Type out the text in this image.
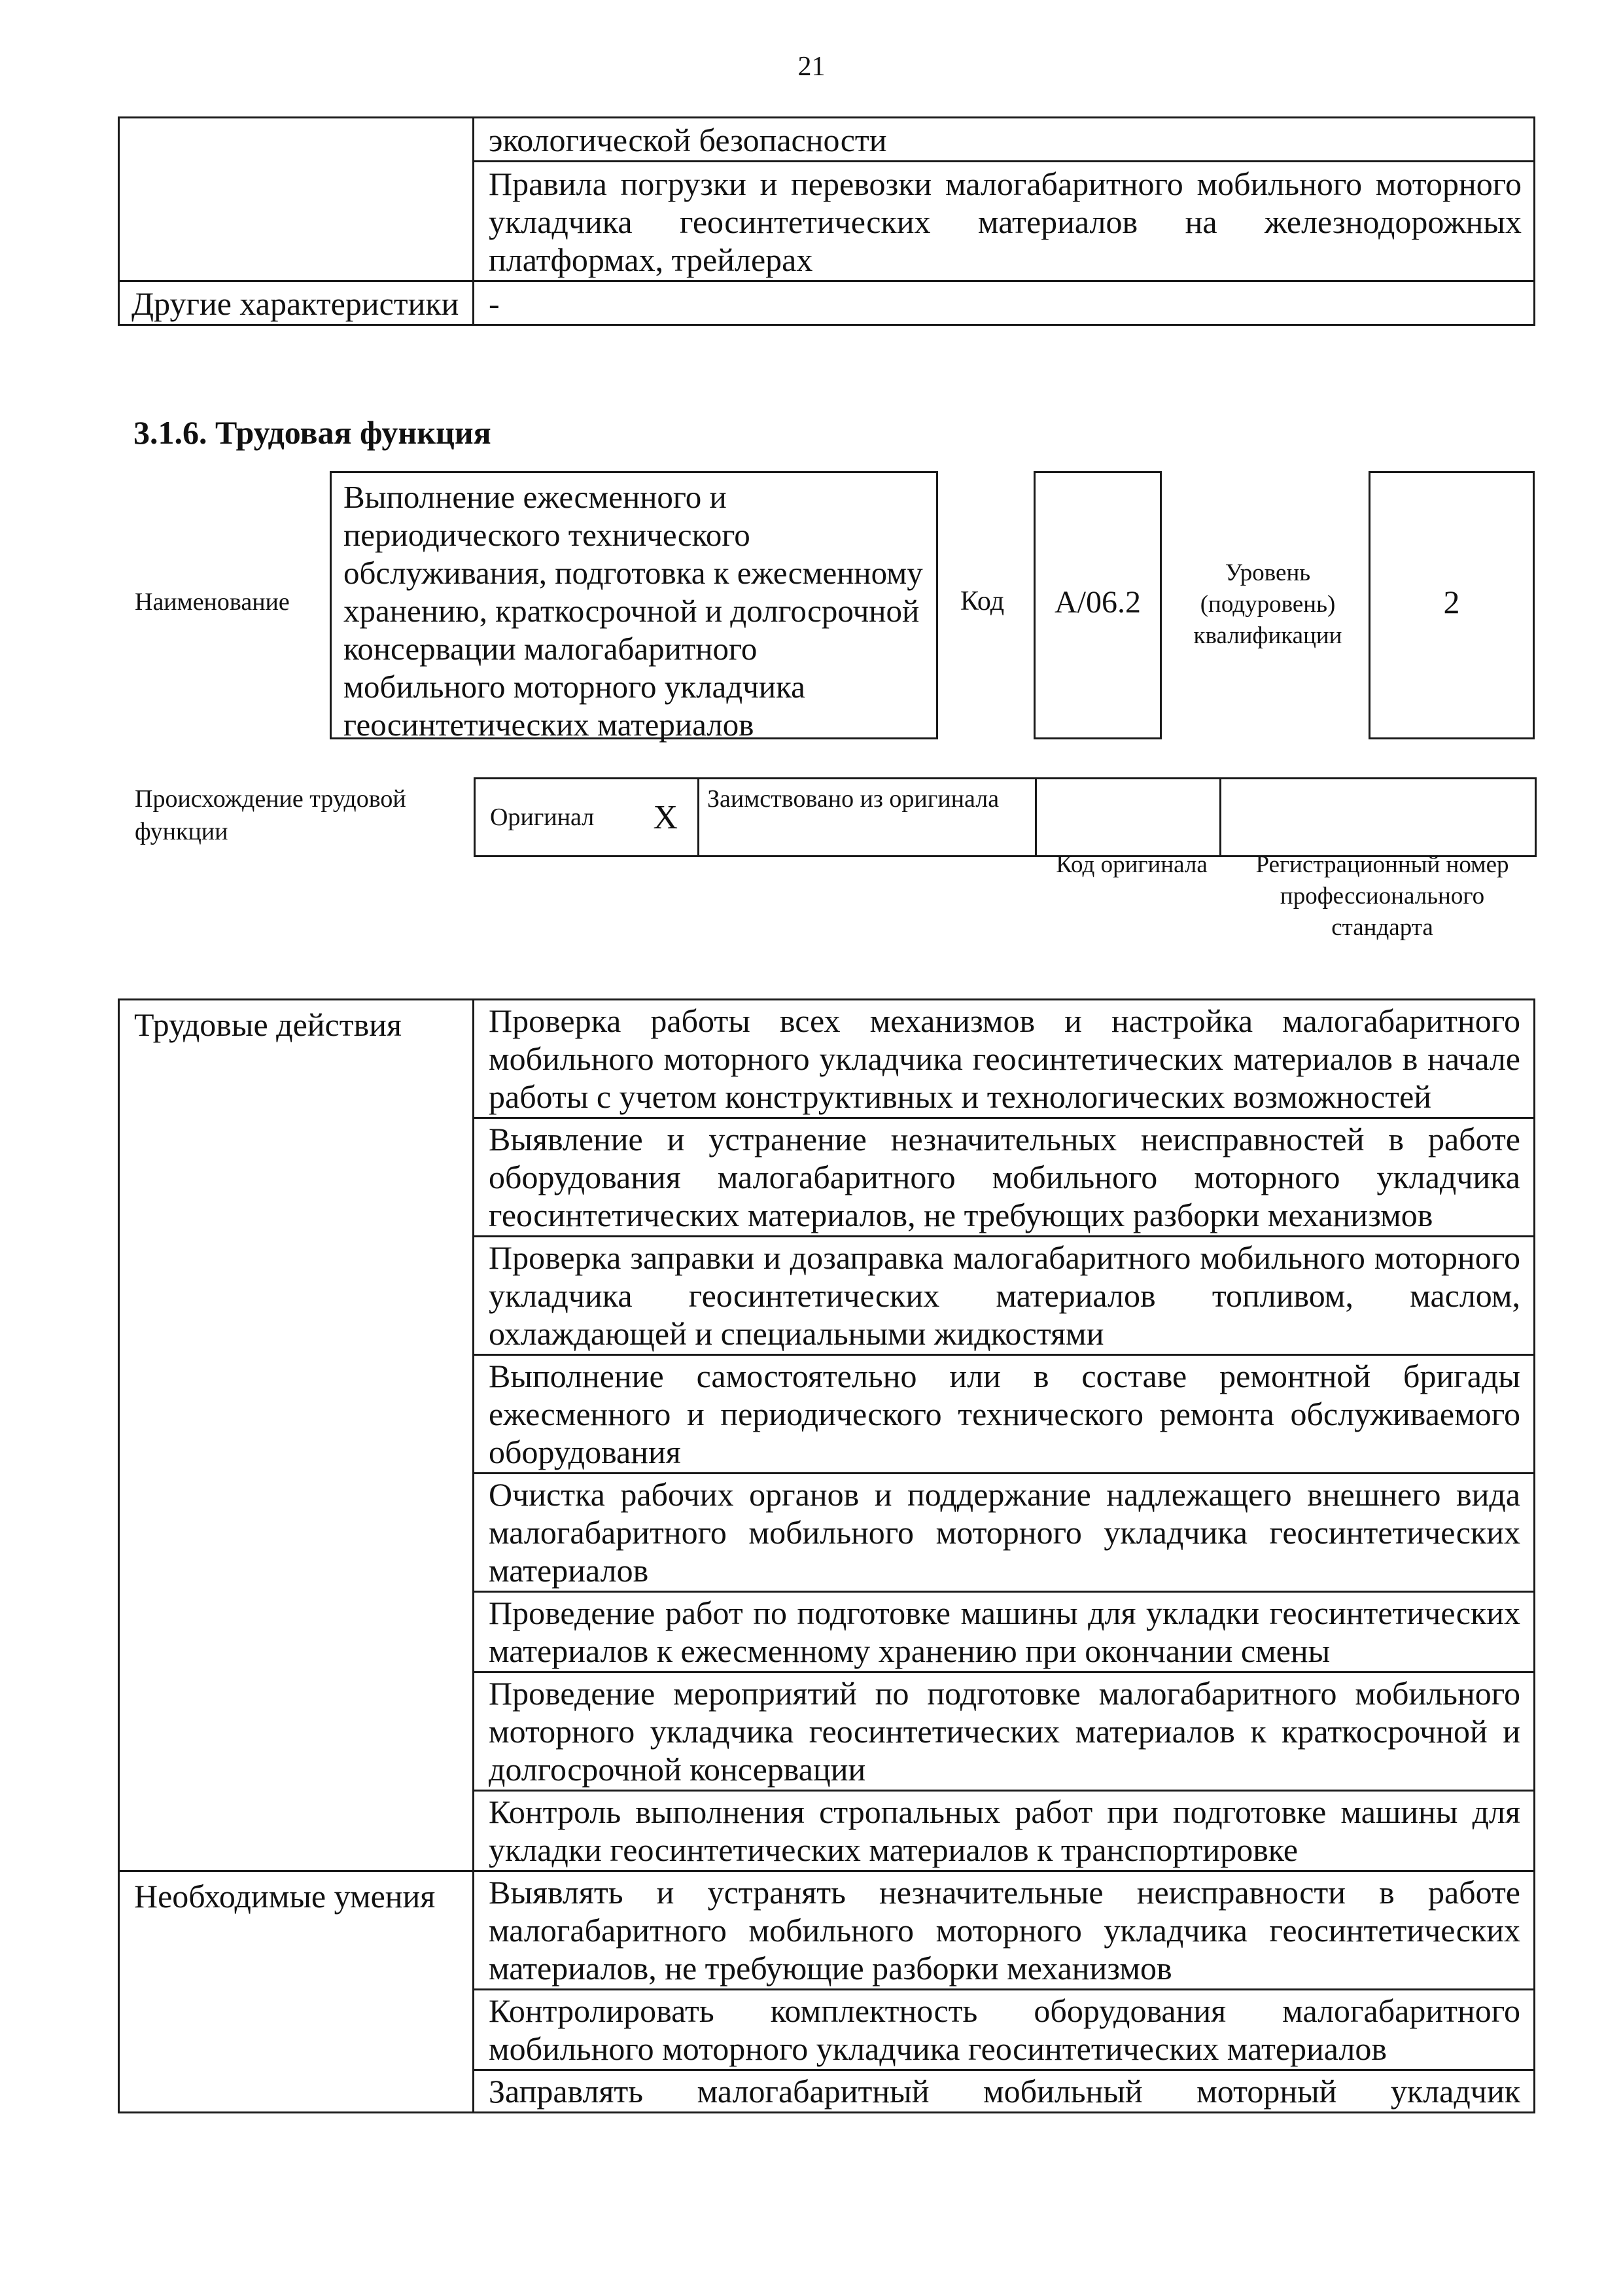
21
	экологической безопасности
	Правила погрузки и перевозки малогабаритного мобильного моторного укладчика геосинтетических материалов на железнодорожных платформах, трейлерах
Другие характеристики	-
3.1.6. Трудовая функция
Наименование
Выполнение ежесменного и периодического технического обслуживания, подготовка к ежесменному хранению, краткосрочной и долгосрочной консервации малогабаритного мобильного моторного укладчика геосинтетических материалов
Код	А/06.2
Уровень (подуровень) квалификации
2
Происхождение трудовой функции
Оригинал X	Заимствовано из оригинала		
Код оригинала	Регистрационный номер профессионального стандарта
Трудовые действия	Проверка работы всех механизмов и настройка малогабаритного мобильного моторного укладчика геосинтетических материалов в начале работы с учетом конструктивных и технологических возможностей
	Выявление и устранение незначительных неисправностей в работе оборудования малогабаритного мобильного моторного укладчика геосинтетических материалов, не требующих разборки механизмов
	Проверка заправки и дозаправка малогабаритного мобильного моторного укладчика геосинтетических материалов топливом, маслом, охлаждающей и специальными жидкостями
	Выполнение самостоятельно или в составе ремонтной бригады ежесменного и периодического технического ремонта обслуживаемого оборудования
	Очистка рабочих органов и поддержание надлежащего внешнего вида малогабаритного мобильного моторного укладчика геосинтетических материалов
	Проведение работ по подготовке машины для укладки геосинтетических материалов к ежесменному хранению при окончании смены
	Проведение мероприятий по подготовке малогабаритного мобильного моторного укладчика геосинтетических материалов к краткосрочной и долгосрочной консервации
	Контроль выполнения стропальных работ при подготовке машины для укладки геосинтетических материалов к транспортировке
Необходимые умения	Выявлять и устранять незначительные неисправности в работе малогабаритного мобильного моторного укладчика геосинтетических материалов, не требующие разборки механизмов
	Контролировать комплектность оборудования малогабаритного мобильного моторного укладчика геосинтетических материалов
	Заправлять малогабаритный мобильный моторный укладчик
